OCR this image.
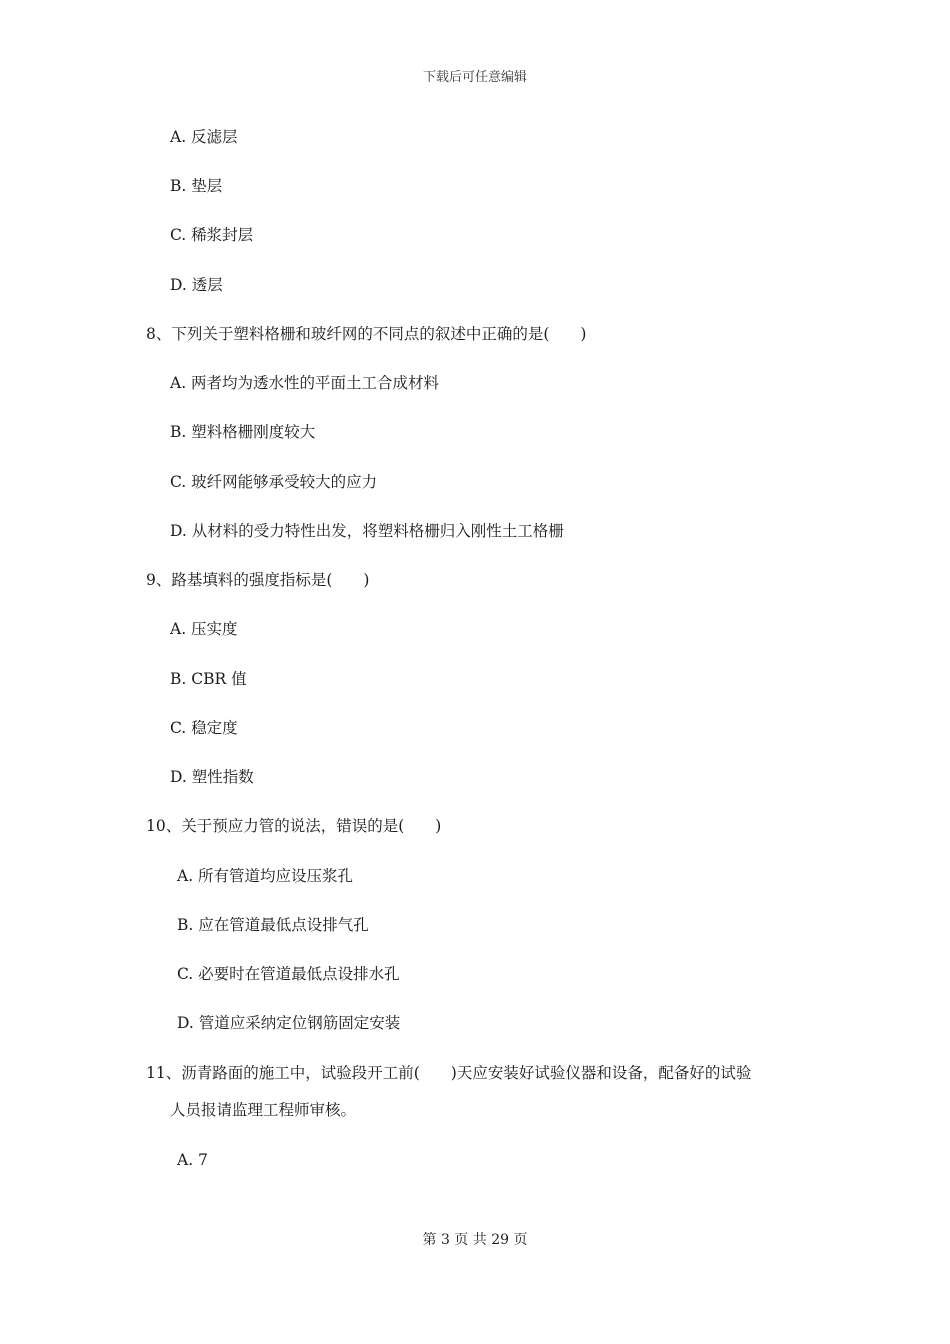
下载后可任意编辑
A. 反滤层
B. 垫层
C. 稀浆封层
D. 透层
8、下列关于塑料格栅和玻纤网的不同点的叙述中正确的是(　　)
A. 两者均为透水性的平面土工合成材料
B. 塑料格栅刚度较大
C. 玻纤网能够承受较大的应力
D. 从材料的受力特性出发，将塑料格栅归入刚性土工格栅
9、路基填料的强度指标是(　　)
A. 压实度
B. CBR 值
C. 稳定度
D. 塑性指数
10、关于预应力管的说法，错误的是(　　)
A. 所有管道均应设压浆孔
B. 应在管道最低点设排气孔
C. 必要时在管道最低点设排水孔
D. 管道应采纳定位钢筋固定安装
11、沥青路面的施工中，试验段开工前(　　)天应安装好试验仪器和设备，配备好的试验
人员报请监理工程师审核。
A. 7
第 3 页 共 29 页
